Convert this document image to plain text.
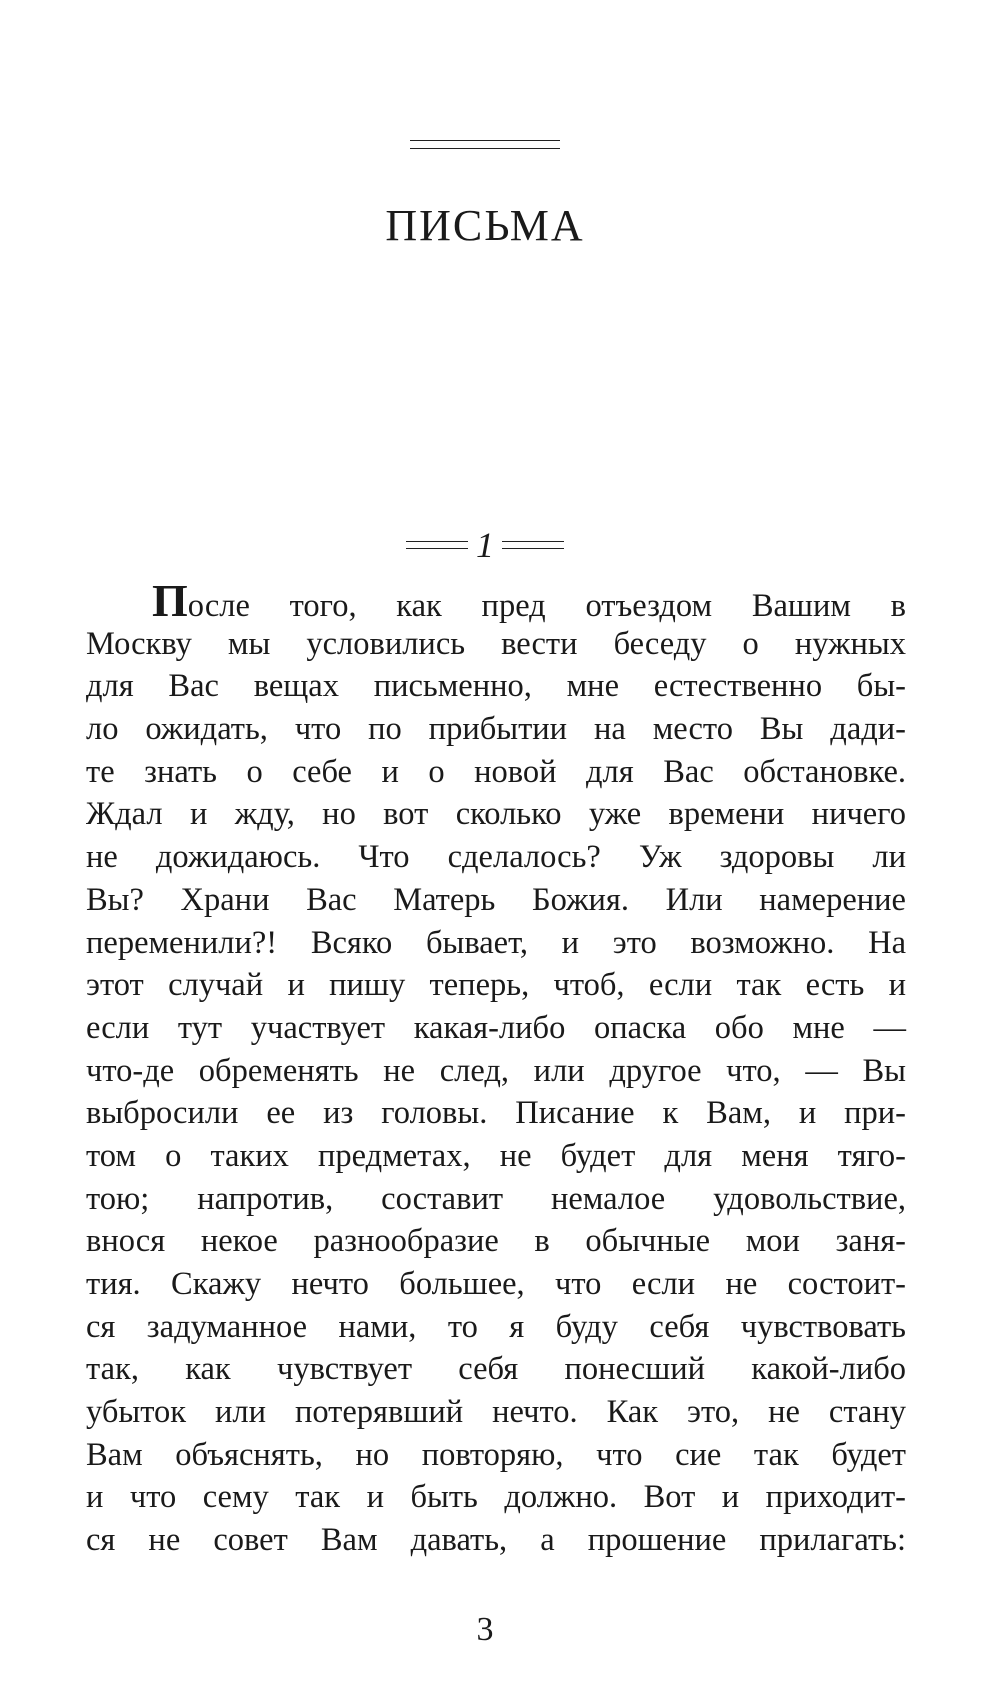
ПИСЬМА
1
После того, как пред отъездом Вашим в
Москву мы условились вести беседу о нужных
для Вас вещах письменно, мне естественно бы-
ло ожидать, что по прибытии на место Вы дади-
те знать о себе и о новой для Вас обстановке.
Ждал и жду, но вот сколько уже времени ничего
не дожидаюсь. Что сделалось? Уж здоровы ли
Вы? Храни Вас Матерь Божия. Или намерение
переменили?! Всяко бывает, и это возможно. На
этот случай и пишу теперь, чтоб, если так есть и
если тут участвует какая-либо опаска обо мне —
что-де обременять не след, или другое что, — Вы
выбросили ее из головы. Писание к Вам, и при-
том о таких предметах, не будет для меня тяго-
тою; напротив, составит немалое удовольствие,
внося некое разнообразие в обычные мои заня-
тия. Скажу нечто большее, что если не состоит-
ся задуманное нами, то я буду себя чувствовать
так, как чувствует себя понесший какой-либо
убыток или потерявший нечто. Как это, не стану
Вам объяснять, но повторяю, что сие так будет
и что сему так и быть должно. Вот и приходит-
ся не совет Вам давать, а прошение прилагать:
3
